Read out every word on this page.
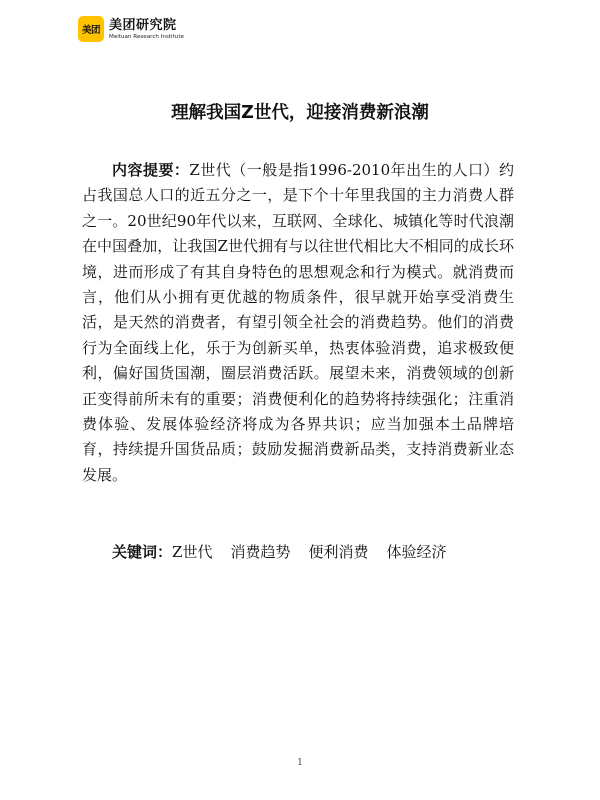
美团 美团研究院
Meituan Research Institute
理解我国Z世代，迎接消费新浪潮

内容提要：Z世代（一般是指1996-2010年出生的人口）约占我国总人口的近五分之一，是下个十年里我国的主力消费人群之一。20世纪90年代以来，互联网、全球化、城镇化等时代浪潮在中国叠加，让我国Z世代拥有与以往世代相比大不相同的成长环境，进而形成了有其自身特色的思想观念和行为模式。就消费而言，他们从小拥有更优越的物质条件，很早就开始享受消费生活，是天然的消费者，有望引领全社会的消费趋势。他们的消费行为全面线上化，乐于为创新买单，热衷体验消费，追求极致便利，偏好国货国潮，圈层消费活跃。展望未来，消费领域的创新正变得前所未有的重要；消费便利化的趋势将持续强化；注重消费体验、发展体验经济将成为各界共识；应当加强本土品牌培育，持续提升国货品质；鼓励发掘消费新品类，支持消费新业态发展。

关键词：Z世代 消费趋势 便利消费 体验经济

1
